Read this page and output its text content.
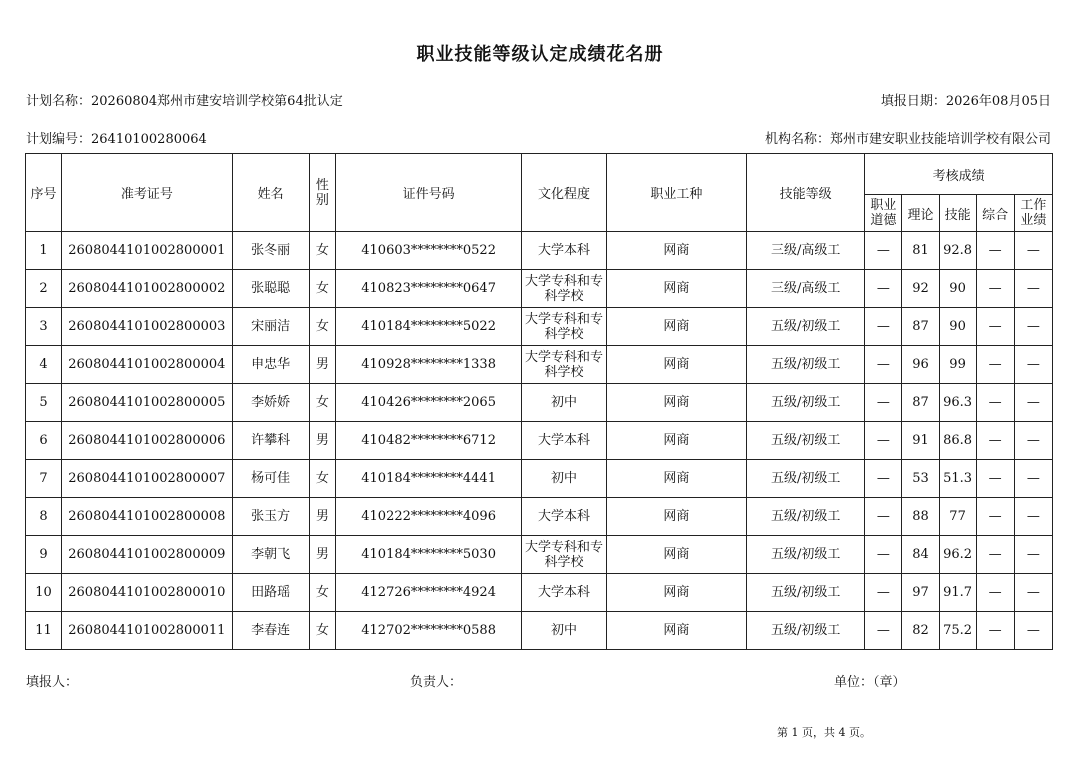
职业技能等级认定成绩花名册
计划名称：20260804郑州市建安培训学校第64批认定	填报日期：2026年08月05日
计划编号：26410100280064	机构名称：郑州市建安职业技能培训学校有限公司
序号	准考证号	姓名	性别	证件号码	文化程度	职业工种	技能等级	考核成绩				
								职业道德	理论	技能	综合	工作业绩
1	2608044101002800001	张冬丽	女	410603********0522	大学本科	网商	三级/高级工	—	81	92.8	—	—
2	2608044101002800002	张聪聪	女	410823********0647	大学专科和专科学校	网商	三级/高级工	—	92	90	—	—
3	2608044101002800003	宋丽洁	女	410184********5022	大学专科和专科学校	网商	五级/初级工	—	87	90	—	—
4	2608044101002800004	申忠华	男	410928********1338	大学专科和专科学校	网商	五级/初级工	—	96	99	—	—
5	2608044101002800005	李娇娇	女	410426********2065	初中	网商	五级/初级工	—	87	96.3	—	—
6	2608044101002800006	许攀科	男	410482********6712	大学本科	网商	五级/初级工	—	91	86.8	—	—
7	2608044101002800007	杨可佳	女	410184********4441	初中	网商	五级/初级工	—	53	51.3	—	—
8	2608044101002800008	张玉方	男	410222********4096	大学本科	网商	五级/初级工	—	88	77	—	—
9	2608044101002800009	李朝飞	男	410184********5030	大学专科和专科学校	网商	五级/初级工	—	84	96.2	—	—
10	2608044101002800010	田路瑶	女	412726********4924	大学本科	网商	五级/初级工	—	97	91.7	—	—
11	2608044101002800011	李春连	女	412702********0588	初中	网商	五级/初级工	—	82	75.2	—	—
填报人：	负责人：	单位：（章）
第 1 页，共 4 页。
